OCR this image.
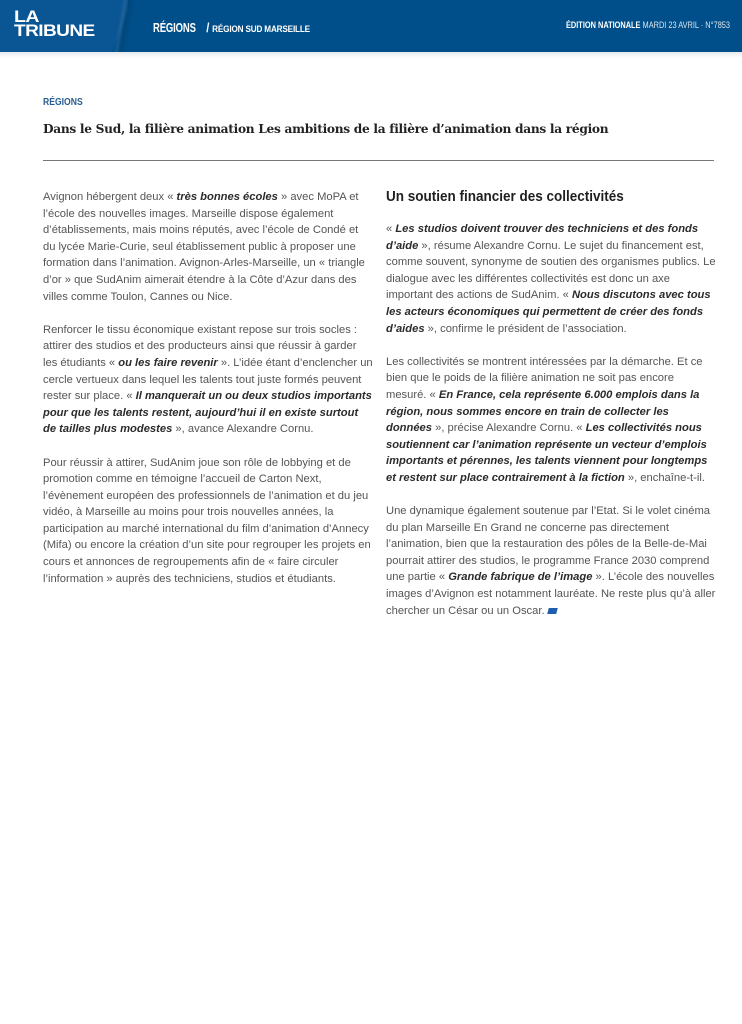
LA
TRIBUNE	RÉGIONS / RÉGION SUD MARSEILLE	ÉDITION NATIONALE MARDI 23 AVRIL · N°7853
RÉGIONS
Dans le Sud, la filière animation Les ambitions de la filière d’animation dans la région

Avignon hébergent deux « très bonnes écoles » avec MoPA et l’école des nouvelles images. Marseille dispose également d’établissements, mais moins réputés, avec l’école de Condé et du lycée Marie-Curie, seul établissement public à proposer une formation dans l’animation. Avignon-Arles-Marseille, un « triangle d’or » que SudAnim aimerait étendre à la Côte d’Azur dans des villes comme Toulon, Cannes ou Nice.

Renforcer le tissu économique existant repose sur trois socles : attirer des studios et des producteurs ainsi que réussir à garder les étudiants « ou les faire revenir ». L’idée étant d’enclencher un cercle vertueux dans lequel les talents tout juste formés peuvent rester sur place. « Il manquerait un ou deux studios importants pour que les talents restent, aujourd’hui il en existe surtout de tailles plus modestes », avance Alexandre Cornu.

Pour réussir à attirer, SudAnim joue son rôle de lobbying et de promotion comme en témoigne l’accueil de Carton Next, l’évènement européen des professionnels de l’animation et du jeu vidéo, à Marseille au moins pour trois nouvelles années, la participation au marché international du film d’animation d’Annecy (Mifa) ou encore la création d’un site pour regrouper les projets en cours et annonces de regroupements afin de « faire circuler l’information » auprès des techniciens, studios et étudiants.

Un soutien financier des collectivités

« Les studios doivent trouver des techniciens et des fonds d’aide », résume Alexandre Cornu. Le sujet du financement est, comme souvent, synonyme de soutien des organismes publics. Le dialogue avec les différentes collectivités est donc un axe important des actions de SudAnim. « Nous discutons avec tous les acteurs économiques qui permettent de créer des fonds d’aides », confirme le président de l’association.

Les collectivités se montrent intéressées par la démarche. Et ce bien que le poids de la filière animation ne soit pas encore mesuré. « En France, cela représente 6.000 emplois dans la région, nous sommes encore en train de collecter les données », précise Alexandre Cornu. « Les collectivités nous soutiennent car l’animation représente un vecteur d’emplois importants et pérennes, les talents viennent pour longtemps et restent sur place contrairement à la fiction », enchaîne-t-il.

Une dynamique également soutenue par l’Etat. Si le volet cinéma du plan Marseille En Grand ne concerne pas directement l’animation, bien que la restauration des pôles de la Belle-de-Mai pourrait attirer des studios, le programme France 2030 comprend une partie « Grande fabrique de l’image ». L’école des nouvelles images d’Avignon est notamment lauréate. Ne reste plus qu’à aller chercher un César ou un Oscar.
